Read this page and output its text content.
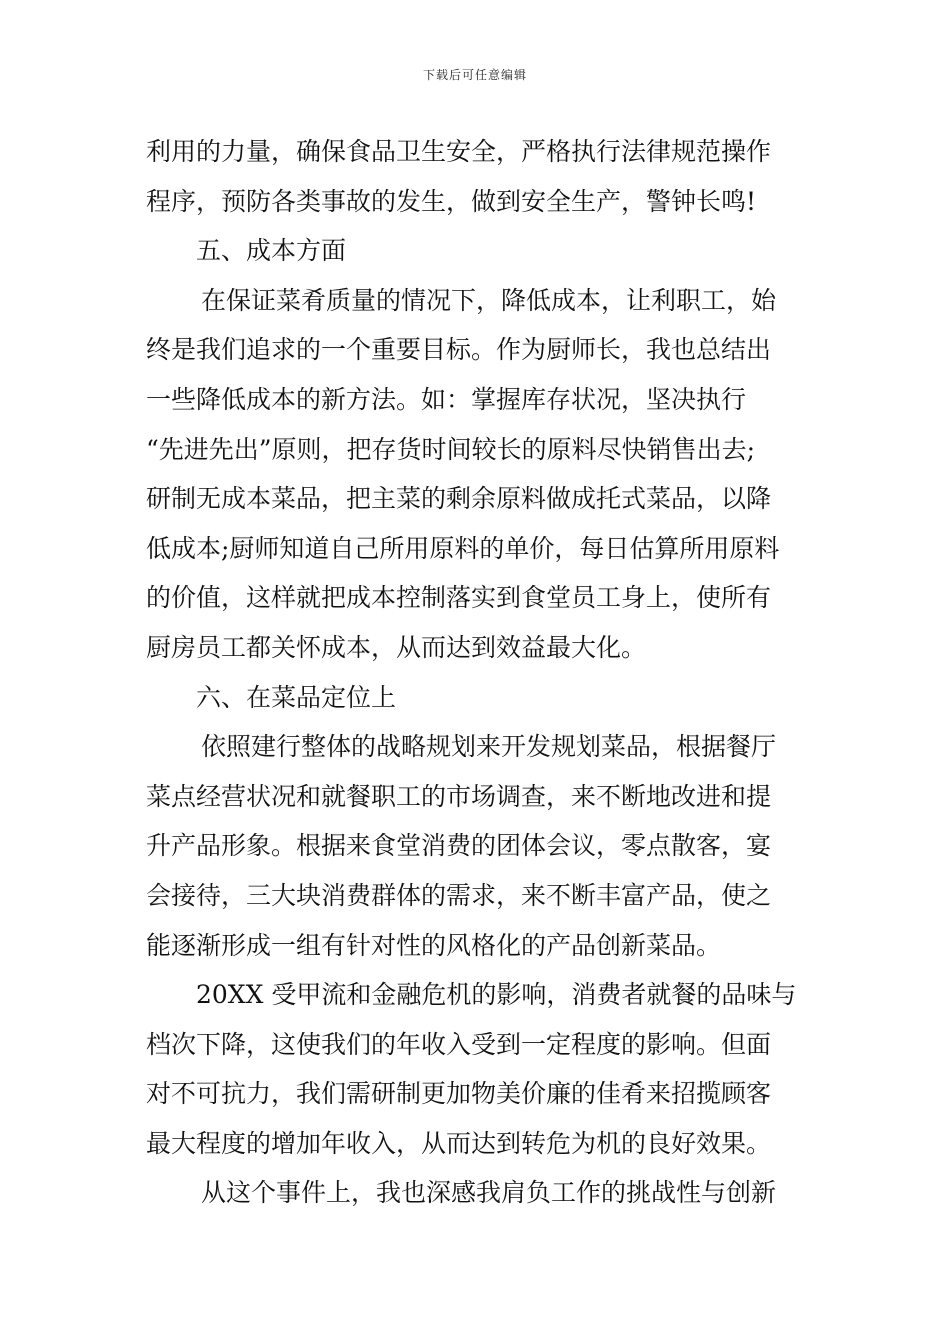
下载后可任意编辑
利用的力量，确保食品卫生安全，严格执行法律规范操作
程序，预防各类事故的发生，做到安全生产，警钟长鸣!
五、成本方面
在保证菜肴质量的情况下，降低成本，让利职工，始
终是我们追求的一个重要目标。作为厨师长，我也总结出
一些降低成本的新方法。如：掌握库存状况，坚决执行
“先进先出”原则，把存货时间较长的原料尽快销售出去;
研制无成本菜品，把主菜的剩余原料做成托式菜品，以降
低成本;厨师知道自己所用原料的单价，每日估算所用原料
的价值，这样就把成本控制落实到食堂员工身上，使所有
厨房员工都关怀成本，从而达到效益最大化。
六、在菜品定位上
依照建行整体的战略规划来开发规划菜品，根据餐厅
菜点经营状况和就餐职工的市场调查，来不断地改进和提
升产品形象。根据来食堂消费的团体会议，零点散客，宴
会接待，三大块消费群体的需求，来不断丰富产品，使之
能逐渐形成一组有针对性的风格化的产品创新菜品。
20XX 受甲流和金融危机的影响，消费者就餐的品味与
档次下降，这使我们的年收入受到一定程度的影响。但面
对不可抗力，我们需研制更加物美价廉的佳肴来招揽顾客
最大程度的增加年收入，从而达到转危为机的良好效果。
从这个事件上，我也深感我肩负工作的挑战性与创新
